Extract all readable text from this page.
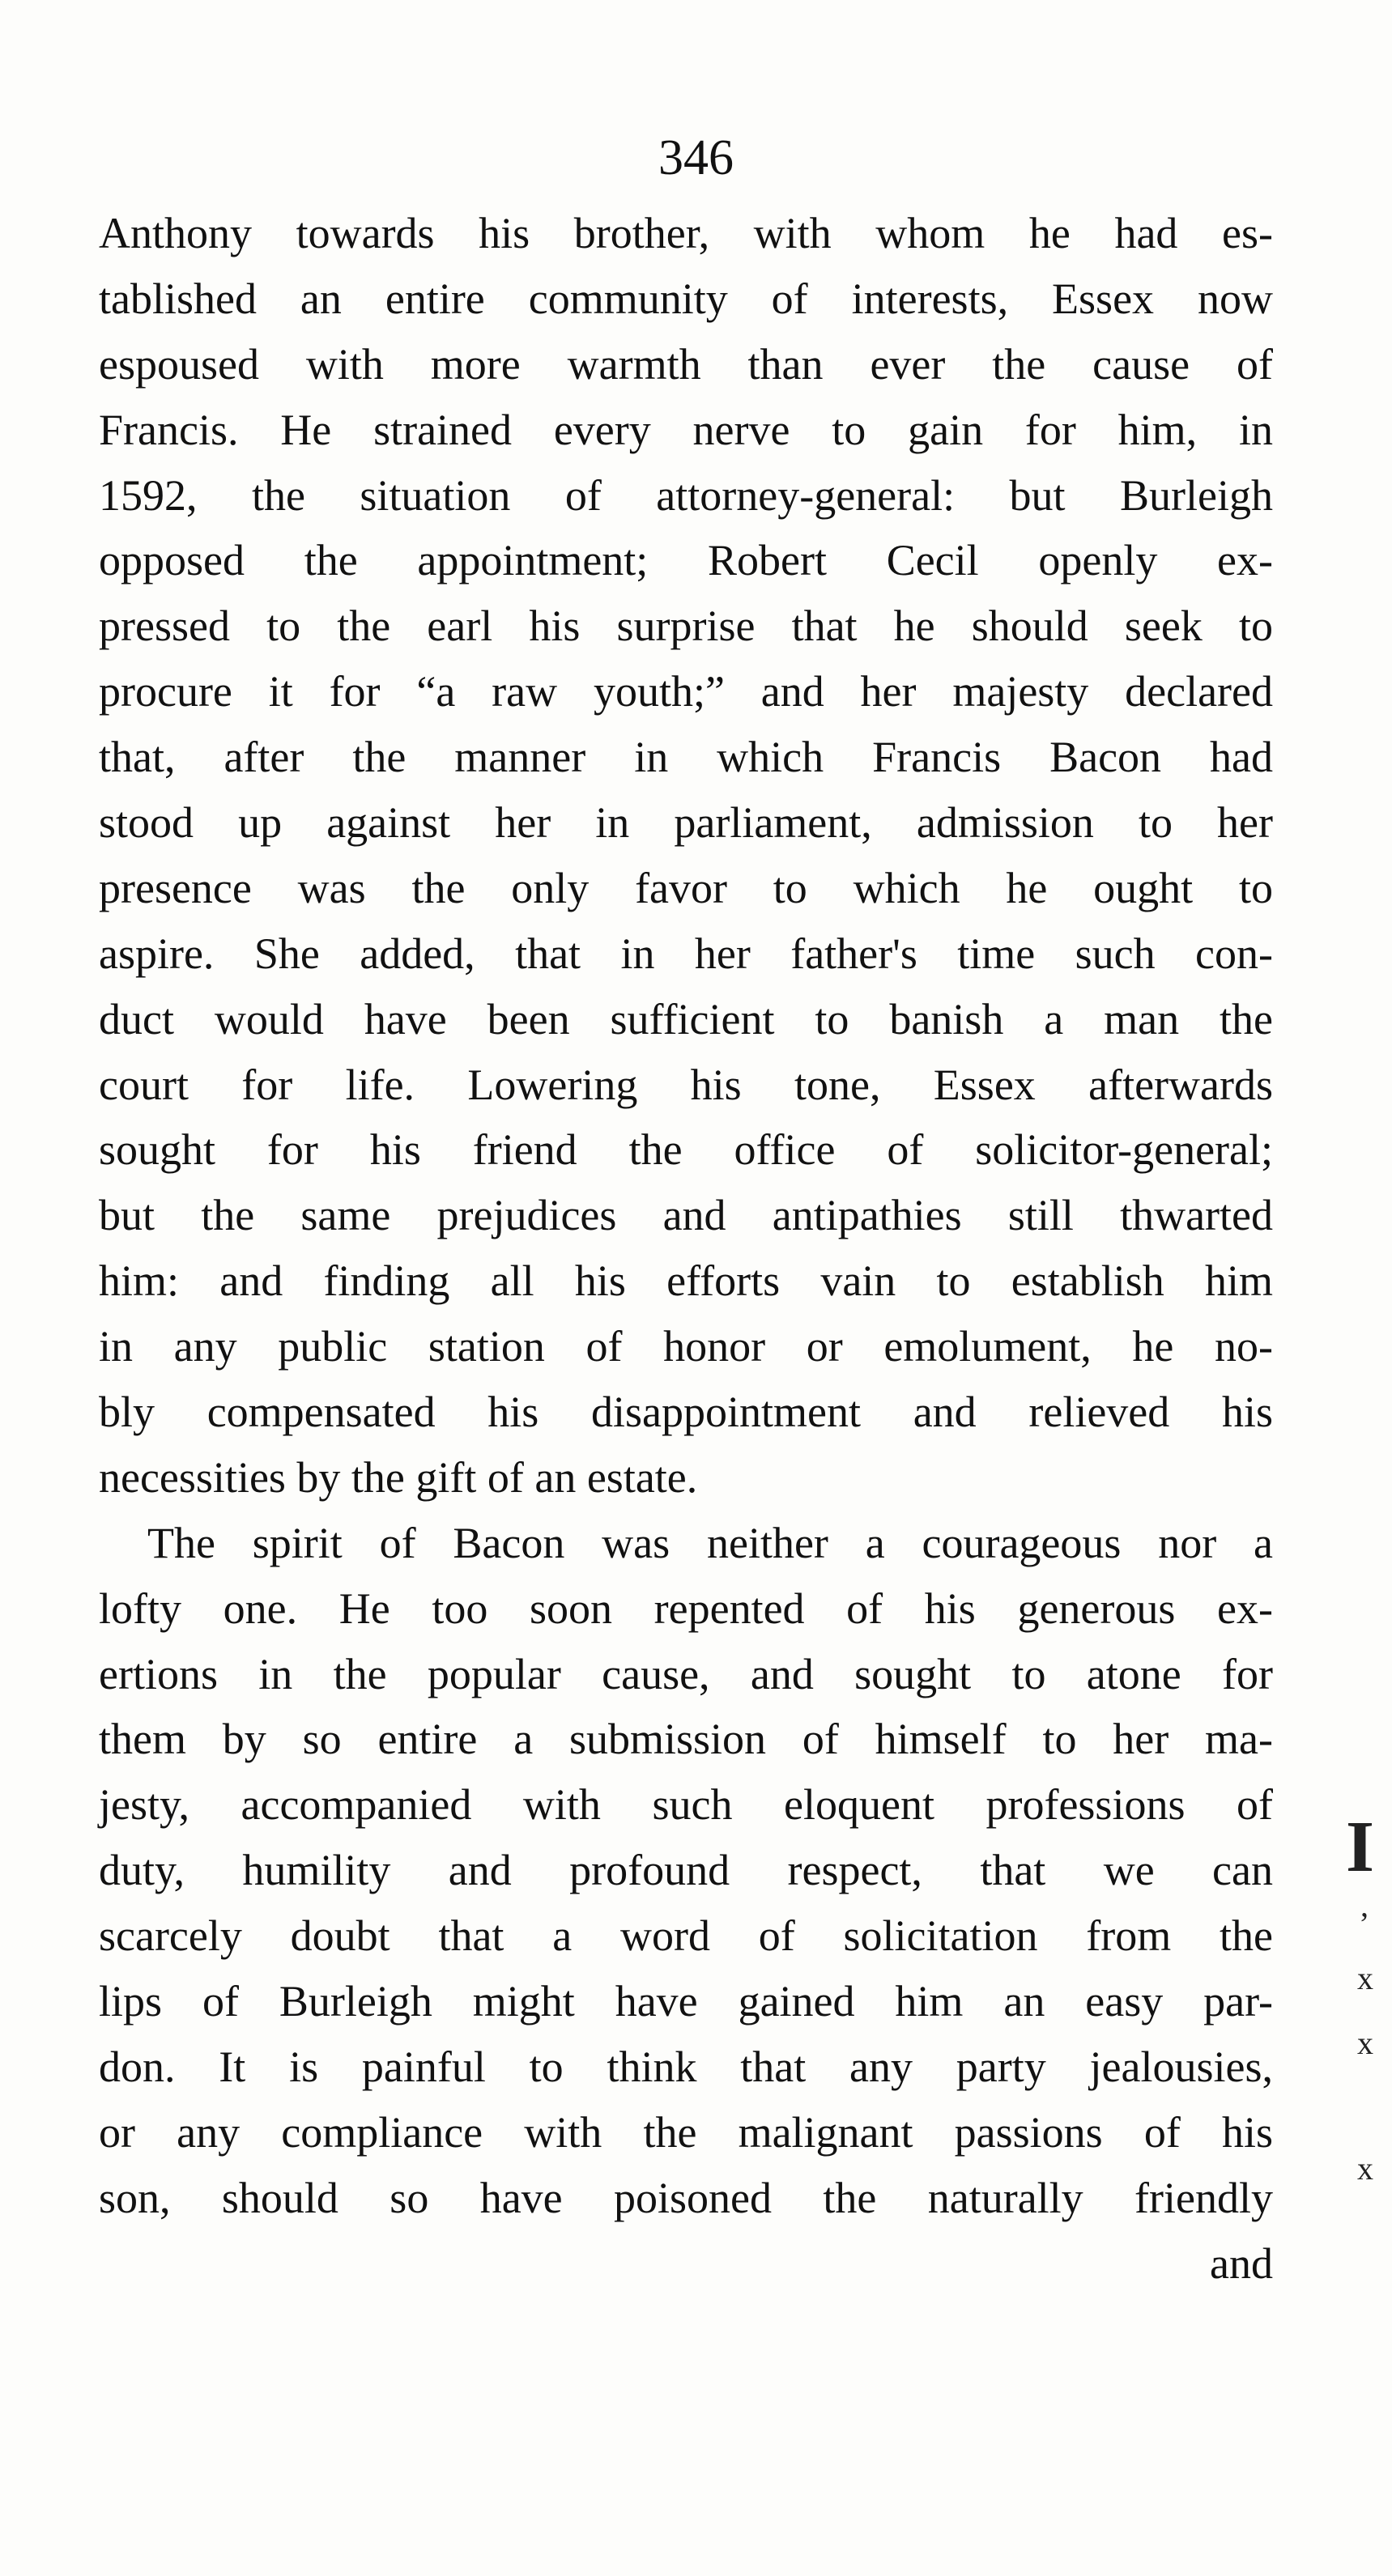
346
Anthony towards his brother, with whom he had es-
tablished an entire community of interests, Essex now
espoused with more warmth than ever the cause of
Francis. He strained every nerve to gain for him, in
1592, the situation of attorney-general: but Burleigh
opposed the appointment; Robert Cecil openly ex-
pressed to the earl his surprise that he should seek to
procure it for “a raw youth;” and her majesty declared
that, after the manner in which Francis Bacon had
stood up against her in parliament, admission to her
presence was the only favor to which he ought to
aspire. She added, that in her father's time such con-
duct would have been sufficient to banish a man the
court for life. Lowering his tone, Essex afterwards
sought for his friend the office of solicitor-general;
but the same prejudices and antipathies still thwarted
him: and finding all his efforts vain to establish him
in any public station of honor or emolument, he no-
bly compensated his disappointment and relieved his
necessities by the gift of an estate.
The spirit of Bacon was neither a courageous nor a
lofty one. He too soon repented of his generous ex-
ertions in the popular cause, and sought to atone for
them by so entire a submission of himself to her ma-
jesty, accompanied with such eloquent professions of
duty, humility and profound respect, that we can
scarcely doubt that a word of solicitation from the
lips of Burleigh might have gained him an easy par-
don. It is painful to think that any party jealousies,
or any compliance with the malignant passions of his
son, should so have poisoned the naturally friendly
and
I
,
x
x
x
